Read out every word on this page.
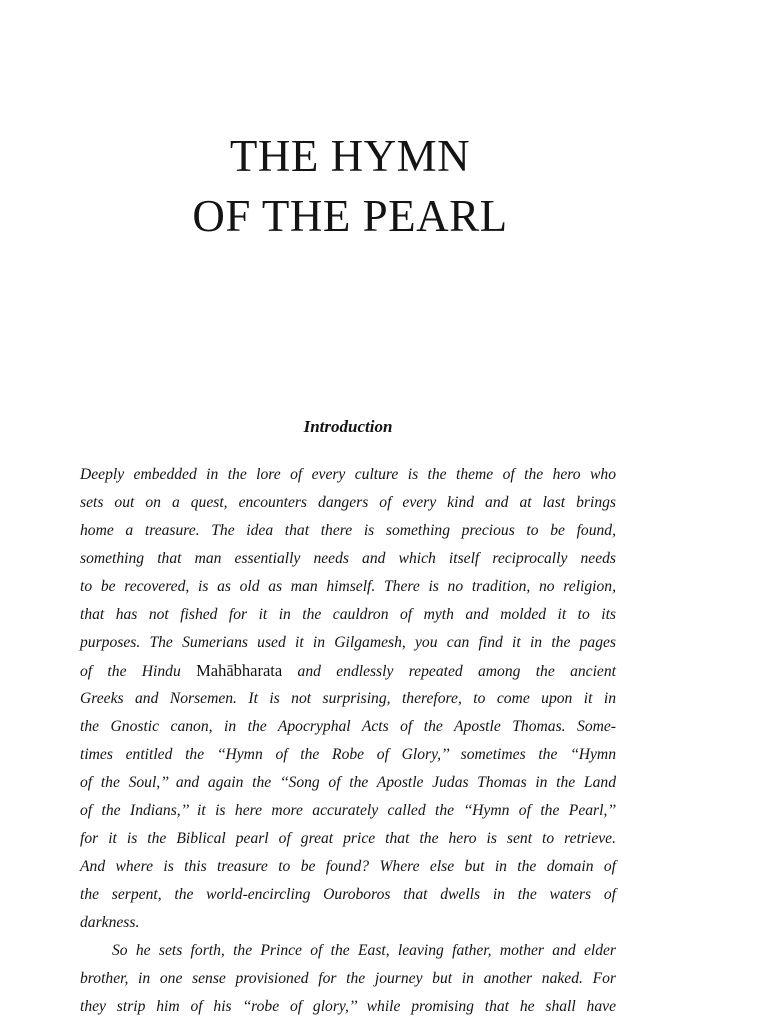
THE HYMN
OF THE PEARL
Introduction
Deeply embedded in the lore of every culture is the theme of the hero who
sets out on a quest, encounters dangers of every kind and at last brings
home a treasure. The idea that there is something precious to be found,
something that man essentially needs and which itself reciprocally needs
to be recovered, is as old as man himself. There is no tradition, no religion,
that has not fished for it in the cauldron of myth and molded it to its
purposes. The Sumerians used it in Gilgamesh, you can find it in the pages
of the Hindu Mahābharata and endlessly repeated among the ancient
Greeks and Norsemen. It is not surprising, therefore, to come upon it in
the Gnostic canon, in the Apocryphal Acts of the Apostle Thomas. Some-
times entitled the ‘‘Hymn of the Robe of Glory,’’ sometimes the ‘‘Hymn
of the Soul,’’ and again the ‘‘Song of the Apostle Judas Thomas in the Land
of the Indians,’’ it is here more accurately called the ‘‘Hymn of the Pearl,’’
for it is the Biblical pearl of great price that the hero is sent to retrieve.
And where is this treasure to be found? Where else but in the domain of
the serpent, the world-encircling Ouroboros that dwells in the waters of
darkness.
So he sets forth, the Prince of the East, leaving father, mother and elder
brother, in one sense provisioned for the journey but in another naked. For
they strip him of his ‘‘robe of glory,’’ while promising that he shall have
